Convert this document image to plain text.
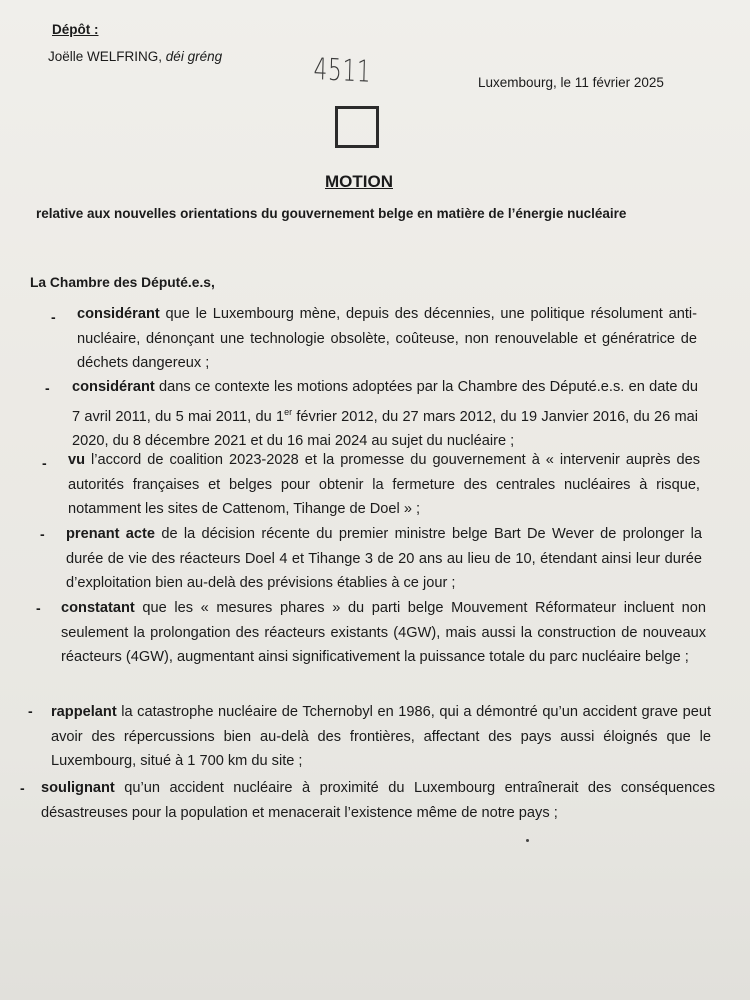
Dépôt :
Joëlle WELFRING, déi gréng	4511	Luxembourg, le 11 février 2025
MOTION
relative aux nouvelles orientations du gouvernement belge en matière de l’énergie nucléaire
La Chambre des Député.e.s,
- considérant que le Luxembourg mène, depuis des décennies, une politique résolument anti-nucléaire, dénonçant une technologie obsolète, coûteuse, non renouvelable et génératrice de déchets dangereux ;
- considérant dans ce contexte les motions adoptées par la Chambre des Député.e.s. en date du 7 avril 2011, du 5 mai 2011, du 1er février 2012, du 27 mars 2012, du 19 Janvier 2016, du 26 mai 2020, du 8 décembre 2021 et du 16 mai 2024 au sujet du nucléaire ;
- vu l’accord de coalition 2023-2028 et la promesse du gouvernement à « intervenir auprès des autorités françaises et belges pour obtenir la fermeture des centrales nucléaires à risque, notamment les sites de Cattenom, Tihange de Doel » ;
- prenant acte de la décision récente du premier ministre belge Bart De Wever de prolonger la durée de vie des réacteurs Doel 4 et Tihange 3 de 20 ans au lieu de 10, étendant ainsi leur durée d’exploitation bien au-delà des prévisions établies à ce jour ;
- constatant que les « mesures phares » du parti belge Mouvement Réformateur incluent non seulement la prolongation des réacteurs existants (4GW), mais aussi la construction de nouveaux réacteurs (4GW), augmentant ainsi significativement la puissance totale du parc nucléaire belge ;
- rappelant la catastrophe nucléaire de Tchernobyl en 1986, qui a démontré qu’un accident grave peut avoir des répercussions bien au-delà des frontières, affectant des pays aussi éloignés que le Luxembourg, situé à 1 700 km du site ;
- soulignant qu’un accident nucléaire à proximité du Luxembourg entraînerait des conséquences désastreuses pour la population et menacerait l’existence même de notre pays ;
